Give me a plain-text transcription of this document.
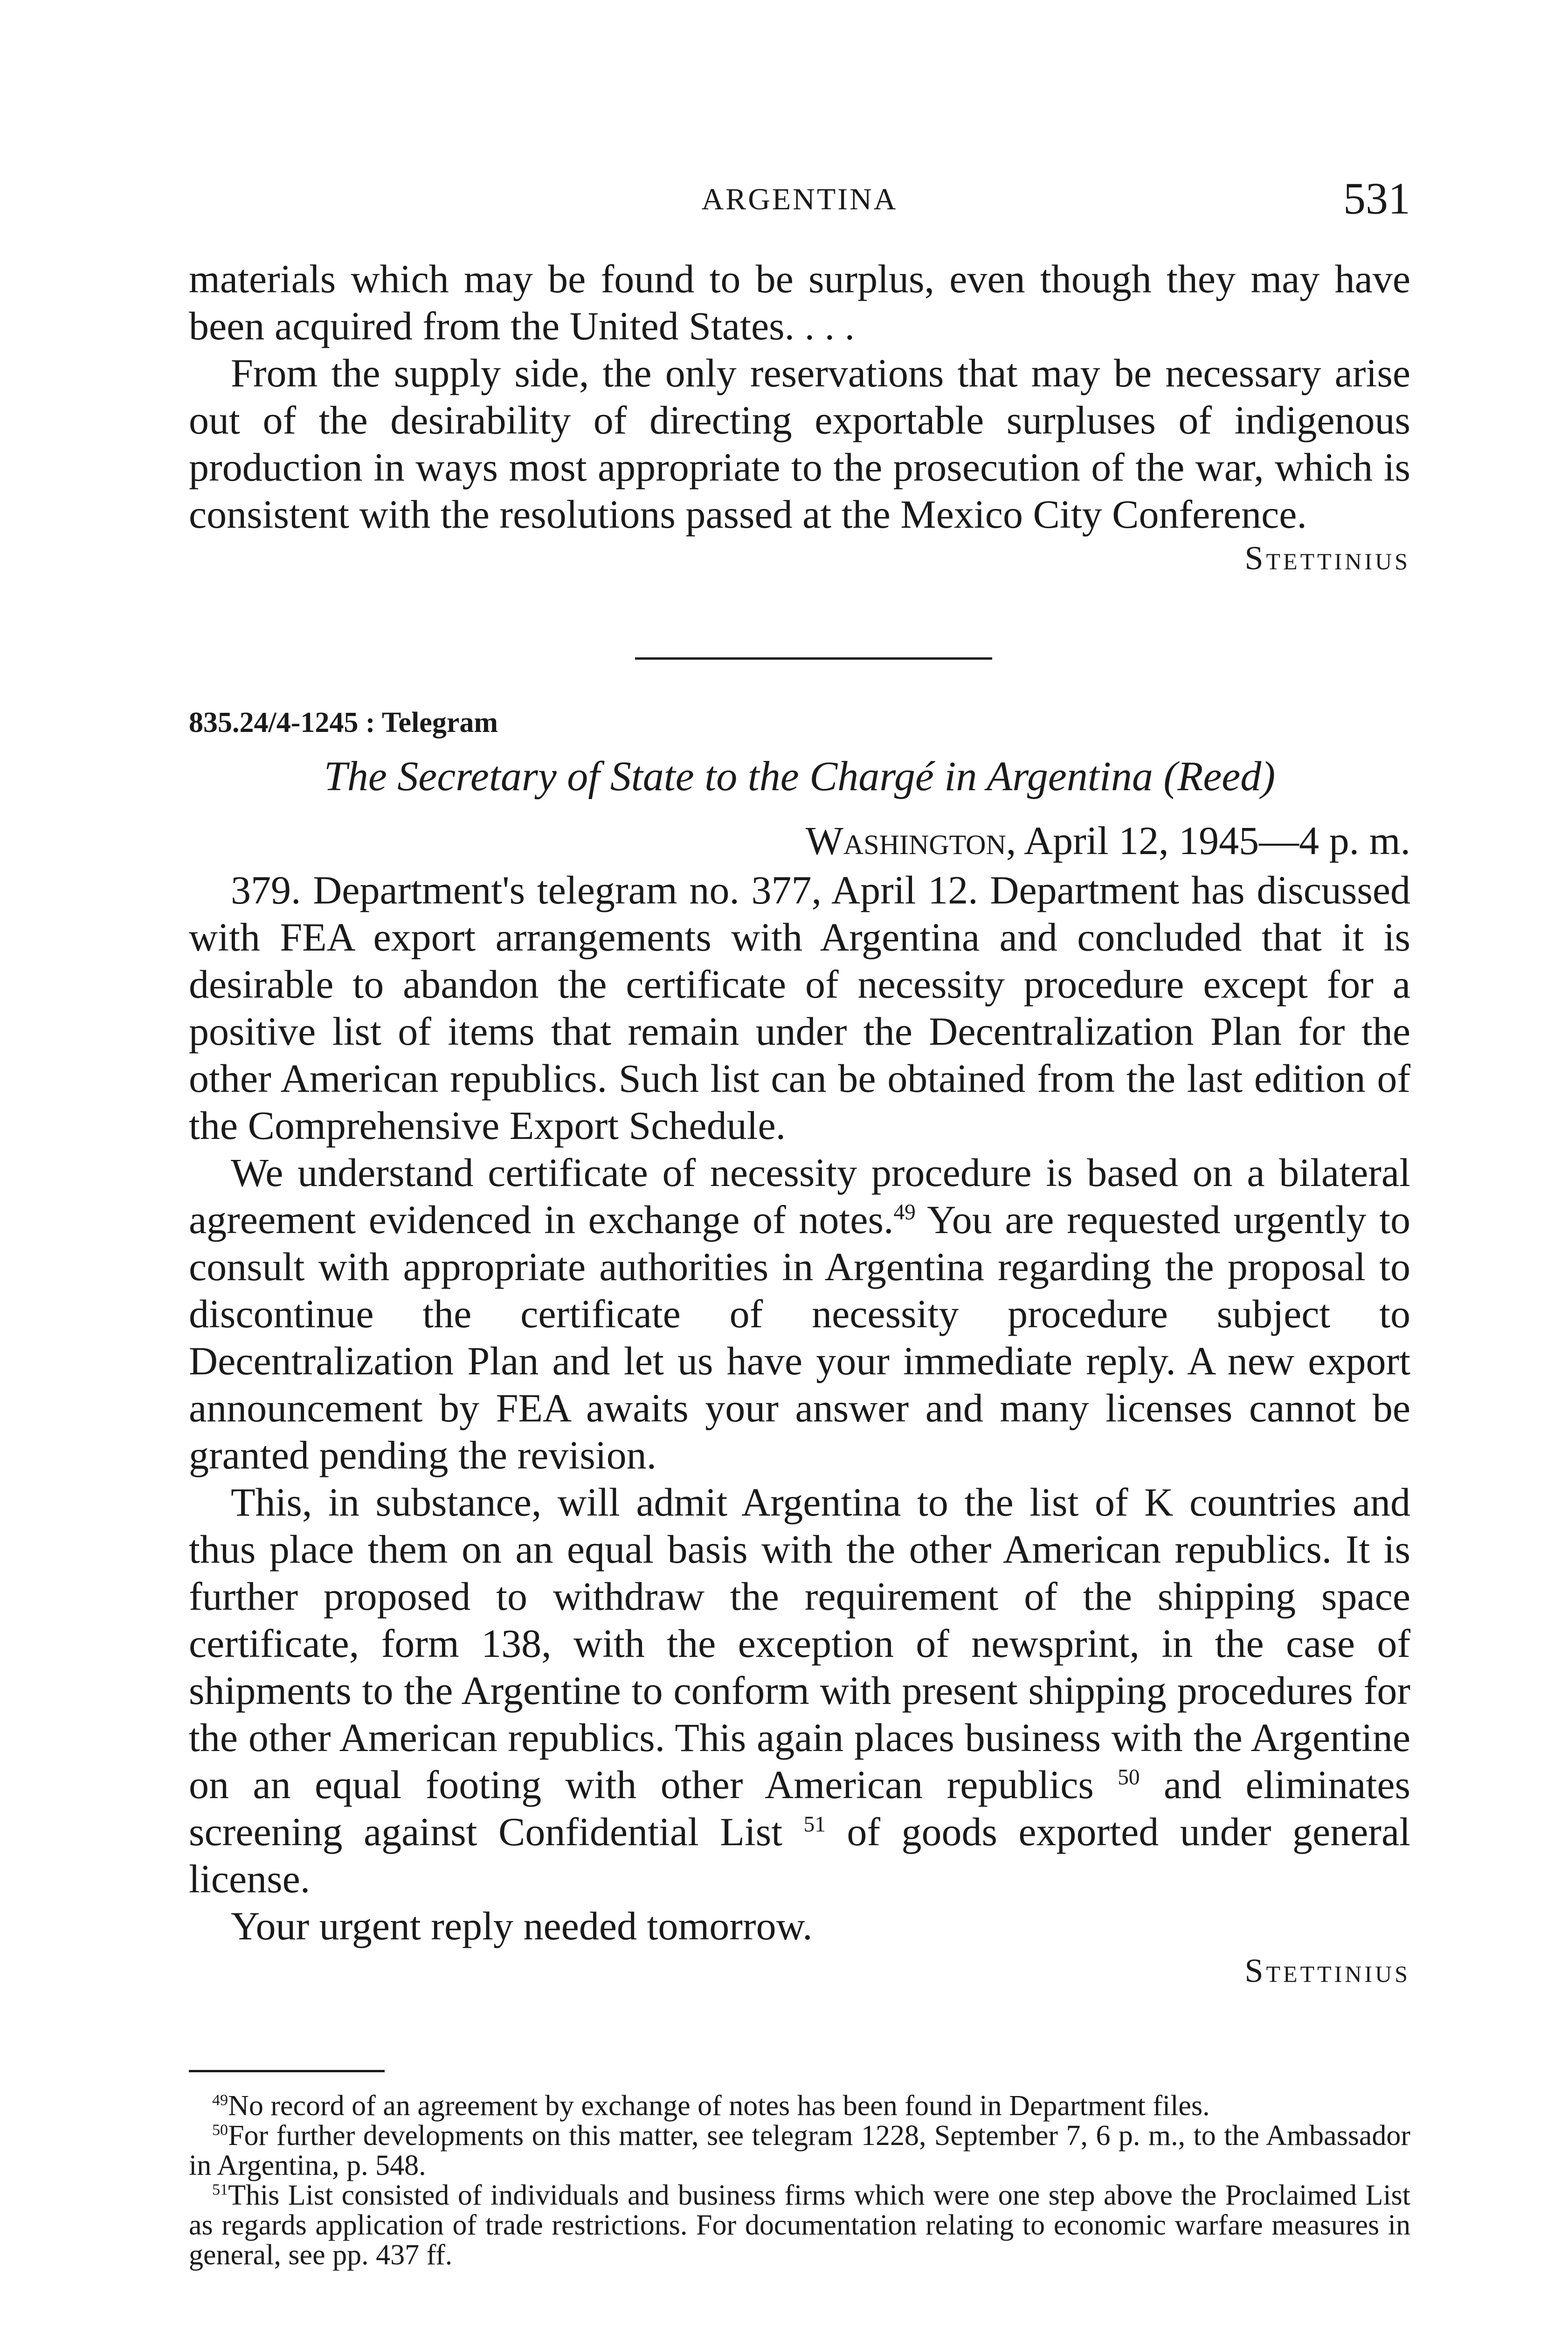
ARGENTINA	531

materials which may be found to be surplus, even though they may have been acquired from the United States. . . .

From the supply side, the only reservations that may be necessary arise out of the desirability of directing exportable surpluses of indigenous production in ways most appropriate to the prosecution of the war, which is consistent with the resolutions passed at the Mexico City Conference.

Stettinius

835.24/4-1245 : Telegram

The Secretary of State to the Chargé in Argentina (Reed)

Washington, April 12, 1945—4 p. m.

379. Department's telegram no. 377, April 12. Department has discussed with FEA export arrangements with Argentina and concluded that it is desirable to abandon the certificate of necessity procedure except for a positive list of items that remain under the Decentralization Plan for the other American republics. Such list can be obtained from the last edition of the Comprehensive Export Schedule.

We understand certificate of necessity procedure is based on a bilateral agreement evidenced in exchange of notes.$^{49}$ You are requested urgently to consult with appropriate authorities in Argentina regarding the proposal to discontinue the certificate of necessity procedure subject to Decentralization Plan and let us have your immediate reply. A new export announcement by FEA awaits your answer and many licenses cannot be granted pending the revision.

This, in substance, will admit Argentina to the list of K countries and thus place them on an equal basis with the other American republics. It is further proposed to withdraw the requirement of the shipping space certificate, form 138, with the exception of newsprint, in the case of shipments to the Argentine to conform with present shipping procedures for the other American republics. This again places business with the Argentine on an equal footing with other American republics $^{50}$ and eliminates screening against Confidential List $^{51}$ of goods exported under general license.

Your urgent reply needed tomorrow.

Stettinius

$^{49}$No record of an agreement by exchange of notes has been found in Department files.

$^{50}$For further developments on this matter, see telegram 1228, September 7, 6 p. m., to the Ambassador in Argentina, p. 548.

$^{51}$This List consisted of individuals and business firms which were one step above the Proclaimed List as regards application of trade restrictions. For documentation relating to economic warfare measures in general, see pp. 437 ff.
